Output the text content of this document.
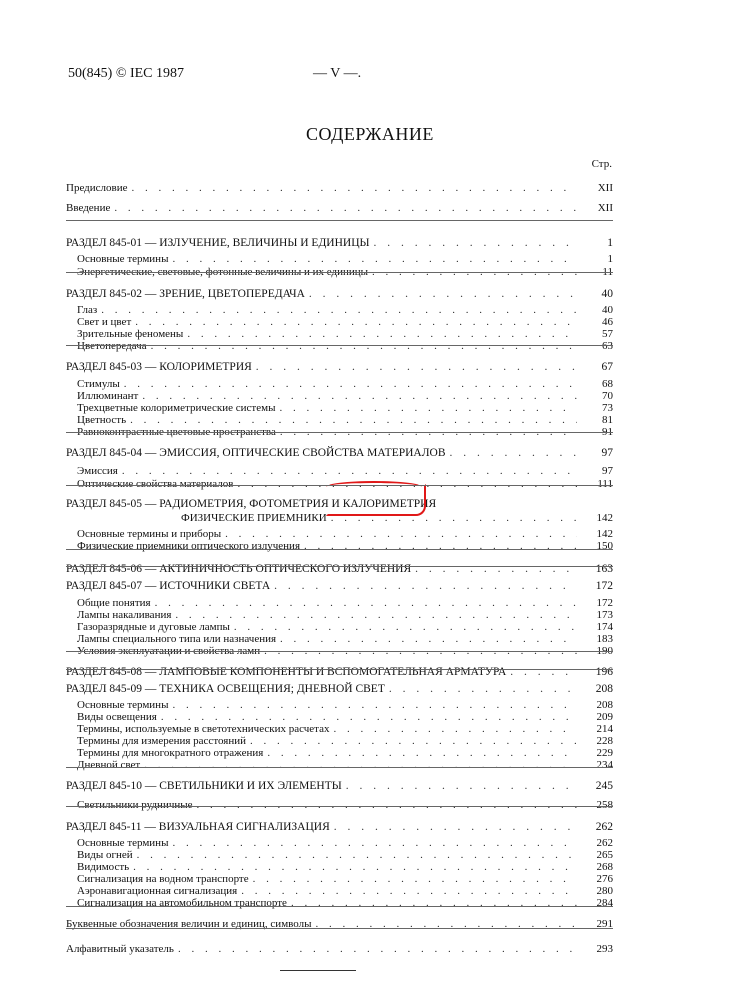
50(845) © IEC 1987	— V —.
СОДЕРЖАНИЕ
Стр.
Предисловие . . .	XII
Введение . . .	XII
РАЗДЕЛ 845-01 — ИЗЛУЧЕНИЕ, ВЕЛИЧИНЫ И ЕДИНИЦЫ . . .	1
Основные термины . . .	1
Энергетические, световые, фотонные величины и их единицы . . .	11
РАЗДЕЛ 845-02 — ЗРЕНИЕ, ЦВЕТОПЕРЕДАЧА . . .	40
Глаз . . .	40
Свет и цвет . . .	46
Зрительные феномены . . .	57
Цветопередача . . .	63
РАЗДЕЛ 845-03 — КОЛОРИМЕТРИЯ . . .	67
Стимулы . . .	68
Иллюминант . . .	70
Трехцветные колориметрические системы . . .	73
Цветность . . .	81
Равноконтрастные цветовые пространства . . .	91
РАЗДЕЛ 845-04 — ЭМИССИЯ, ОПТИЧЕСКИЕ СВОЙСТВА МАТЕРИАЛОВ . . .	97
Эмиссия . . .	97
Оптические свойства материалов . . .	111
РАЗДЕЛ 845-05 — РАДИОМЕТРИЯ, ФОТОМЕТРИЯ И КАЛОРИМЕТРИЯ
ФИЗИЧЕСКИЕ ПРИЕМНИКИ . . .	142
Основные термины и приборы . . .	142
Физические приемники оптического излучения . . .	150
РАЗДЕЛ 845-06 — АКТИНИЧНОСТЬ ОПТИЧЕСКОГО ИЗЛУЧЕНИЯ . . .	163
РАЗДЕЛ 845-07 — ИСТОЧНИКИ СВЕТА . . .	172
Общие понятия . . .	172
Лампы накаливания . . .	173
Газоразрядные и дуговые лампы . . .	174
Лампы специального типа или назначения . . .	183
Условия эксплуатации и свойства ламп . . .	190
РАЗДЕЛ 845-08 — ЛАМПОВЫЕ КОМПОНЕНТЫ И ВСПОМОГАТЕЛЬНАЯ АРМАТУРА . . .	196
РАЗДЕЛ 845-09 — ТЕХНИКА ОСВЕЩЕНИЯ; ДНЕВНОЙ СВЕТ . . .	208
Основные термины . . .	208
Виды освещения . . .	209
Термины, используемые в светотехнических расчетах . . .	214
Термины для измерения расстояний . . .	228
Термины для многократного отражения . . .	229
Дневной свет . . .	234
РАЗДЕЛ 845-10 — СВЕТИЛЬНИКИ И ИХ ЭЛЕМЕНТЫ . . .	245
Светильники рудничные . . .	258
РАЗДЕЛ 845-11 — ВИЗУАЛЬНАЯ СИГНАЛИЗАЦИЯ . . .	262
Основные термины . . .	262
Виды огней . . .	265
Видимость . . .	268
Сигнализация на водном транспорте . . .	276
Аэронавигационная сигнализация . . .	280
Сигнализация на автомобильном транспорте . . .	284
Буквенные обозначения величин и единиц, символы . . .	291
Алфавитный указатель . . .	293
